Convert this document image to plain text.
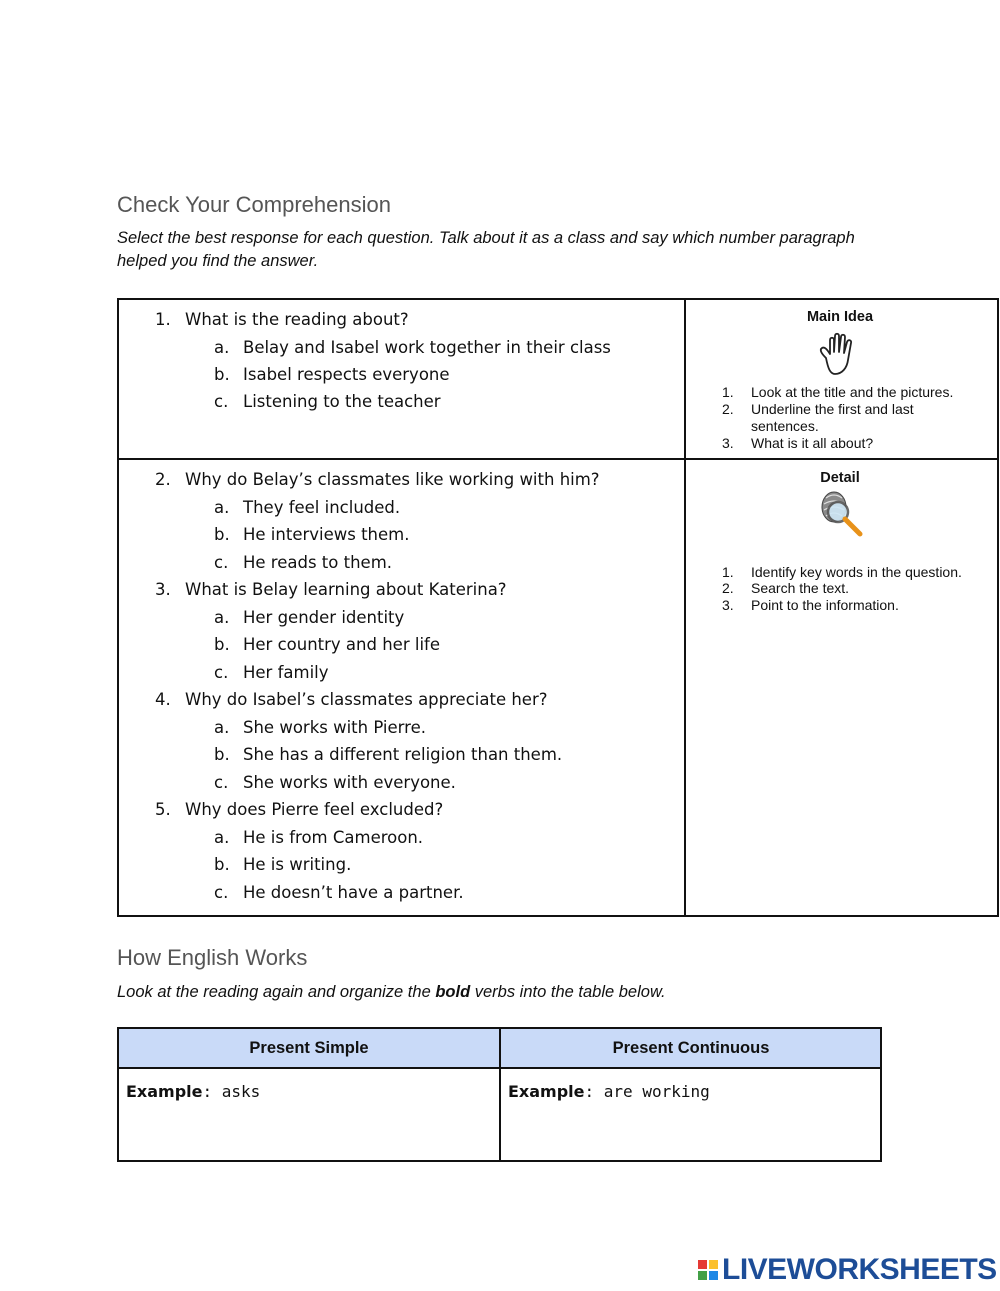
Check Your Comprehension
Select the best response for each question. Talk about it as a class and say which number paragraph helped you find the answer.
1. What is the reading about?
a. Belay and Isabel work together in their class
b. Isabel respects everyone
c. Listening to the teacher
2. Why do Belay’s classmates like working with him?
a. They feel included.
b. He interviews them.
c. He reads to them.
3. What is Belay learning about Katerina?
a. Her gender identity
b. Her country and her life
c. Her family
4. Why do Isabel’s classmates appreciate her?
a. She works with Pierre.
b. She has a different religion than them.
c. She works with everyone.
5. Why does Pierre feel excluded?
a. He is from Cameroon.
b. He is writing.
c. He doesn’t have a partner.
Main Idea
1. Look at the title and the pictures.
2. Underline the first and last
sentences.
3. What is it all about?
Detail
1. Identify key words in the question.
2. Search the text.
3. Point to the information.
How English Works
Look at the reading again and organize the bold verbs into the table below.
Present Simple	Present Continuous
Example: asks	Example: are working
LIVEWORKSHEETS
